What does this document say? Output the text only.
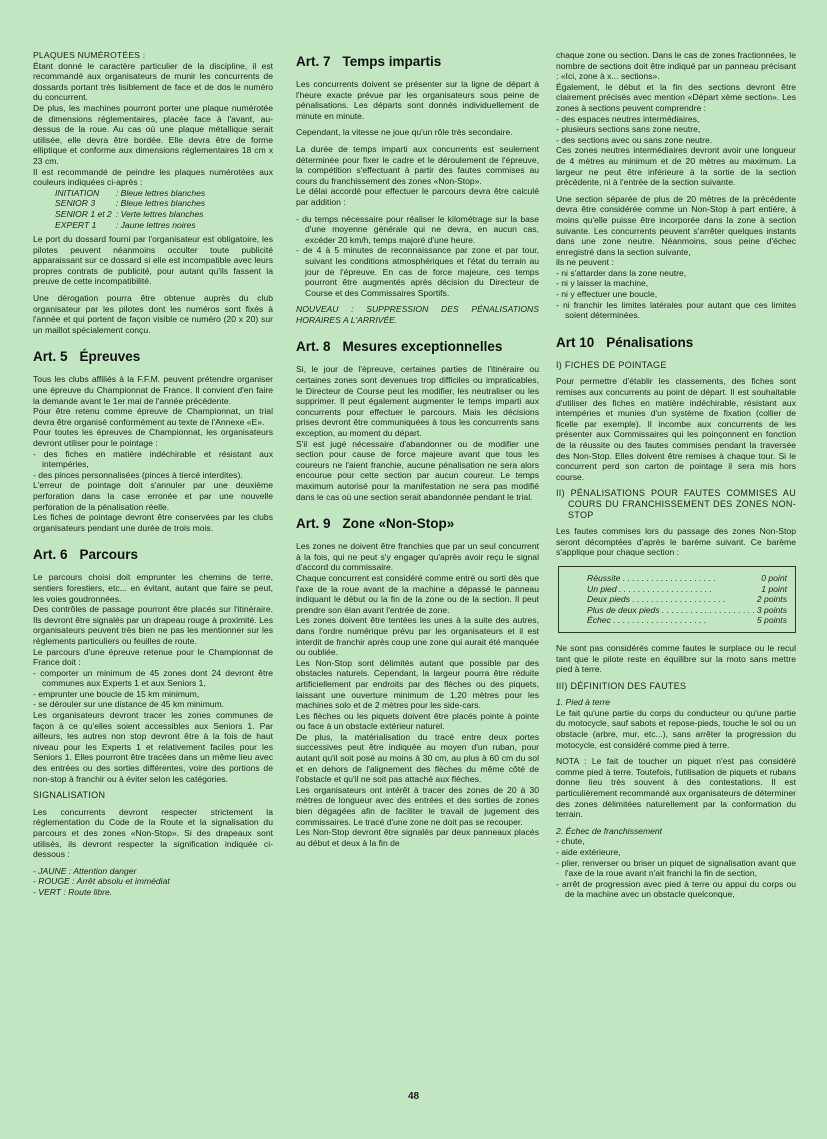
PLAQUES NUMÉROTÉES :

Étant donné le caractère particulier de la discipline, il est recommandé aux organisateurs de munir les concurrents de dossards portant très lisiblement de face et de dos le numéro du concurrent.

De plus, les machines pourront porter une plaque numérotée de dimensions réglementaires, placée face à l'avant, au-dessus de la roue. Au cas où une plaque métallique serait utilisée, elle devra être bordée. Elle devra être de forme elliptique et conforme aux dimensions réglementaires 18 cm x 23 cm.

Il est recommandé de peindre les plaques numérotées aux couleurs indiquées ci-après :

INITIATION	: Bleue lettres blanches
SENIOR 3	: Bleue lettres blanches
SENIOR 1 et 2	: Verte lettres blanches
EXPERT 1	: Jaune lettres noires

Le port du dossard fourni par l'organisateur est obligatoire, les pilotes peuvent néanmoins occulter toute publicité apparaissant sur ce dossard si elle est incompatible avec leurs propres contrats de publicité, pour autant qu'ils fassent la preuve de cette incompatibilité.

Une dérogation pourra être obtenue auprès du club organisateur par les pilotes dont les numéros sont fixés à l'année et qui portent de façon visible ce numéro (20 x 20) sur un maillot spécialement conçu.

Art. 5 Épreuves

Tous les clubs affiliés à la F.F.M. peuvent prétendre organiser une épreuve du Championnat de France. Il convient d'en faire la demande avant le 1er mai de l'année précédente.

Pour être retenu comme épreuve de Championnat, un trial devra être organisé conformément au texte de l'Annexe «E».

Pour toutes les épreuves de Championnat, les organisateurs devront utiliser pour le pointage :

- des fiches en matière indéchirable et résistant aux intempéries,
- des pinces personnalisées (pinces à tiercé interdites).

L'erreur de pointage doit s'annuler par une deuxième perforation dans la case erronée et par une nouvelle perforation de la pénalisation réelle.

Les fiches de pointage devront être conservées par les clubs organisateurs pendant une durée de trois mois.

Art. 6 Parcours

Le parcours choisi doit emprunter les chemins de terre, sentiers forestiers, etc... en évitant, autant que faire se peut, les voies goudronnées.

Des contrôles de passage pourront être placés sur l'itinéraire. Ils devront être signalés par un drapeau rouge à proximité. Les organisateurs peuvent très bien ne pas les mentionner sur les règlements particuliers ou feuilles de route.

Le parcours d'une épreuve retenue pour le Championnat de France doit :

- comporter un minimum de 45 zones dont 24 devront être communes aux Experts 1 et aux Seniors 1,
- emprunter une boucle de 15 km minimum,
- se dérouler sur une distance de 45 km minimum.

Les organisateurs devront tracer les zones communes de façon à ce qu'elles soient accessibles aux Seniors 1. Par ailleurs, les autres non stop devront être à la fois de haut niveau pour les Experts 1 et relativement faciles pour les Seniors 1. Elles pourront être tracées dans un même lieu avec des entrées ou des sorties différentes, voire des portions de non-stop à franchir ou à éviter selon les catégories.

SIGNALISATION

Les concurrents devront respecter strictement la réglementation du Code de la Route et la signalisation du parcours et des zones «Non-Stop». Si des drapeaux sont utilisés, ils devront respecter la signification indiquée ci-dessous :

- JAUNE : Attention danger
- ROUGE : Arrêt absolu et immédiat
- VERT : Route libre.
Art. 7 Temps impartis

Les concurrents doivent se présenter sur la ligne de départ à l'heure exacte prévue par les organisateurs sous peine de pénalisations. Les départs sont donnés individuellement de minute en minute.

Cependant, la vitesse ne joue qu'un rôle très secondaire.

La durée de temps imparti aux concurrents est seulement déterminée pour fixer le cadre et le déroulement de l'épreuve, la compétition s'effectuant à partir des fautes commises au cours du franchissement des zones «Non-Stop».

Le délai accordé pour effectuer le parcours devra être calculé par addition :

- du temps nécessaire pour réaliser le kilométrage sur la base d'une moyenne générale qui ne devra, en aucun cas, excéder 20 km/h, temps majoré d'une heure.
- de 4 à 5 minutes de reconnaissance par zone et par tour, suivant les conditions atmosphériques et l'état du terrain au jour de l'épreuve. En cas de force majeure, ces temps pourront être augmentés après décision du Directeur de Course et des Commissaires Sportifs.

NOUVEAU : SUPPRESSION DES PÉNALISATIONS HORAIRES A L'ARRIVÉE.

Art. 8 Mesures exceptionnelles

Si, le jour de l'épreuve, certaines parties de l'itinéraire ou certaines zones sont devenues trop difficiles ou impraticables, le Directeur de Course peut les modifier, les neutraliser ou les supprimer. Il peut également augmenter le temps imparti aux concurrents pour effectuer le parcours. Mais les décisions prises devront être communiquées à tous les concurrents sans exception, au moment du départ.

S'il est jugé nécessaire d'abandonner ou de modifier une section pour cause de force majeure avant que tous les coureurs ne l'aient franchie, aucune pénalisation ne sera alors encourue pour cette section par aucun coureur. Le temps maximum autorisé pour la manifestation ne sera pas modifié dans le cas où une section serait abandonnée pendant le trial.

Art. 9 Zone «Non-Stop»

Les zones ne doivent être franchies que par un seul concurrent à la fois, qui ne peut s'y engager qu'après avoir reçu le signal d'accord du commissaire.

Chaque concurrent est considéré comme entré ou sorti dès que l'axe de la roue avant de la machine a dépassé le panneau indiquant le début ou la fin de la zone ou de la section. Il peut prendre son élan avant l'entrée de zone.

Les zones doivent être tentées les unes à la suite des autres, dans l'ordre numérique prévu par les organisateurs et il est interdit de franchir après coup une zone qui aurait été manquée ou oubliée.

Les Non-Stop sont délimités autant que possible par des obstacles naturels. Cependant, la largeur pourra être réduite artificiellement par endroits par des flèches ou des piquets, laissant une ouverture minimum de 1,20 mètres pour les machines solo et de 2 mètres pour les side-cars.

Les flèches ou les piquets doivent être placés pointe à pointe ou face à un obstacle extérieur naturel.

De plus, la matérialisation du tracé entre deux portes successives peut être indiquée au moyen d'un ruban, pour autant qu'il soit posé au moins à 30 cm, au plus à 60 cm du sol et en dehors de l'alignement des flèches du même côté de l'obstacle et qu'il ne soit pas attaché aux flèches.

Les organisateurs ont intérêt à tracer des zones de 20 à 30 mètres de longueur avec des entrées et des sorties de zones bien dégagées afin de faciliter le travail de jugement des commissaires. Le tracé d'une zone ne doit pas se recouper.

Les Non-Stop devront être signalés par deux panneaux placés au début et deux à la fin de

chaque zone ou section. Dans le cas de zones fractionnées, le nombre de sections doit être indiqué par un panneau précisant : «Ici, zone à x... sections».

Également, le début et la fin des sections devront être clairement précisés avec mention «Départ xème section». Les zones à sections peuvent comprendre :

- des espaces neutres intermédiaires,
- plusieurs sections sans zone neutre,
- des sections avec ou sans zone neutre.

Ces zones neutres intermédiaires devront avoir une longueur de 4 mètres au minimum et de 20 mètres au maximum. La largeur ne peut être inférieure à la sortie de la section précédente, ni à l'entrée de la section suivante.

Une section séparée de plus de 20 mètres de la précédente devra être considérée comme un Non-Stop à part entière, à moins qu'elle puisse être incorporée dans la zone à section suivante. Les concurrents peuvent s'arrêter quelques instants dans une zone neutre. Néanmoins, sous peine d'échec enregistré dans la section suivante,

ils ne peuvent :

- ni s'attarder dans la zone neutre,
- ni y laisser la machine,
- ni y effectuer une boucle,
- ni franchir les limites latérales pour autant que ces limites soient déterminées.
Art 10 Pénalisations

I) FICHES DE POINTAGE

Pour permettre d'établir les classements, des fiches sont remises aux concurrents au point de départ. Il est souhaitable d'utiliser des fiches en matière indéchirable, résistant aux intempéries et munies d'un système de fixation (collier de ficelle par exemple). Il incombe aux concurrents de les présenter aux Commissaires qui les poinçonnent en fonction de la réussite ou des fautes commises pendant la traversée des Non-Stop. Elles doivent être remises à chaque tour. Si le concurrent perd son carton de pointage il sera mis hors course.

II) PÉNALISATIONS POUR FAUTES COMMISES AU COURS DU FRANCHISSEMENT DES ZONES NON-STOP

Les fautes commises lors du passage des zones Non-Stop seront décomptées d'après le barème suivant. Ce barème s'applique pour chaque section :

Réussite . . .	0 point
Un pied . . .	1 point
Deux pieds . . .	2 points
Plus de deux pieds . . .	3 points
Échec . . .	5 points

Ne sont pas considérés comme fautes le surplace ou le recul tant que le pilote reste en équilibre sur la moto sans mettre pied à terre.

III) DÉFINITION DES FAUTES

1. Pied à terre

Le fait qu'une partie du corps du conducteur ou qu'une partie du motocycle, sauf sabots et repose-pieds, touche le sol ou un obstacle (arbre, mur, etc...), sans arrêter la progression du motocycle, est considéré comme pied à terre.

NOTA : Le fait de toucher un piquet n'est pas considéré comme pied à terre. Toutefois, l'utilisation de piquets et rubans donne lieu très souvent à des contestations. Il est particulièrement recommandé aux organisateurs de déterminer des zones délimitées naturellement par la conformation du terrain.

2. Échec de franchissement

- chute,
- aide extérieure,
- plier, renverser ou briser un piquet de signalisation avant que l'axe de la roue avant n'ait franchi la fin de section,
- arrêt de progression avec pied à terre ou appui du corps ou de la machine avec un obstacle quelconque,
48
